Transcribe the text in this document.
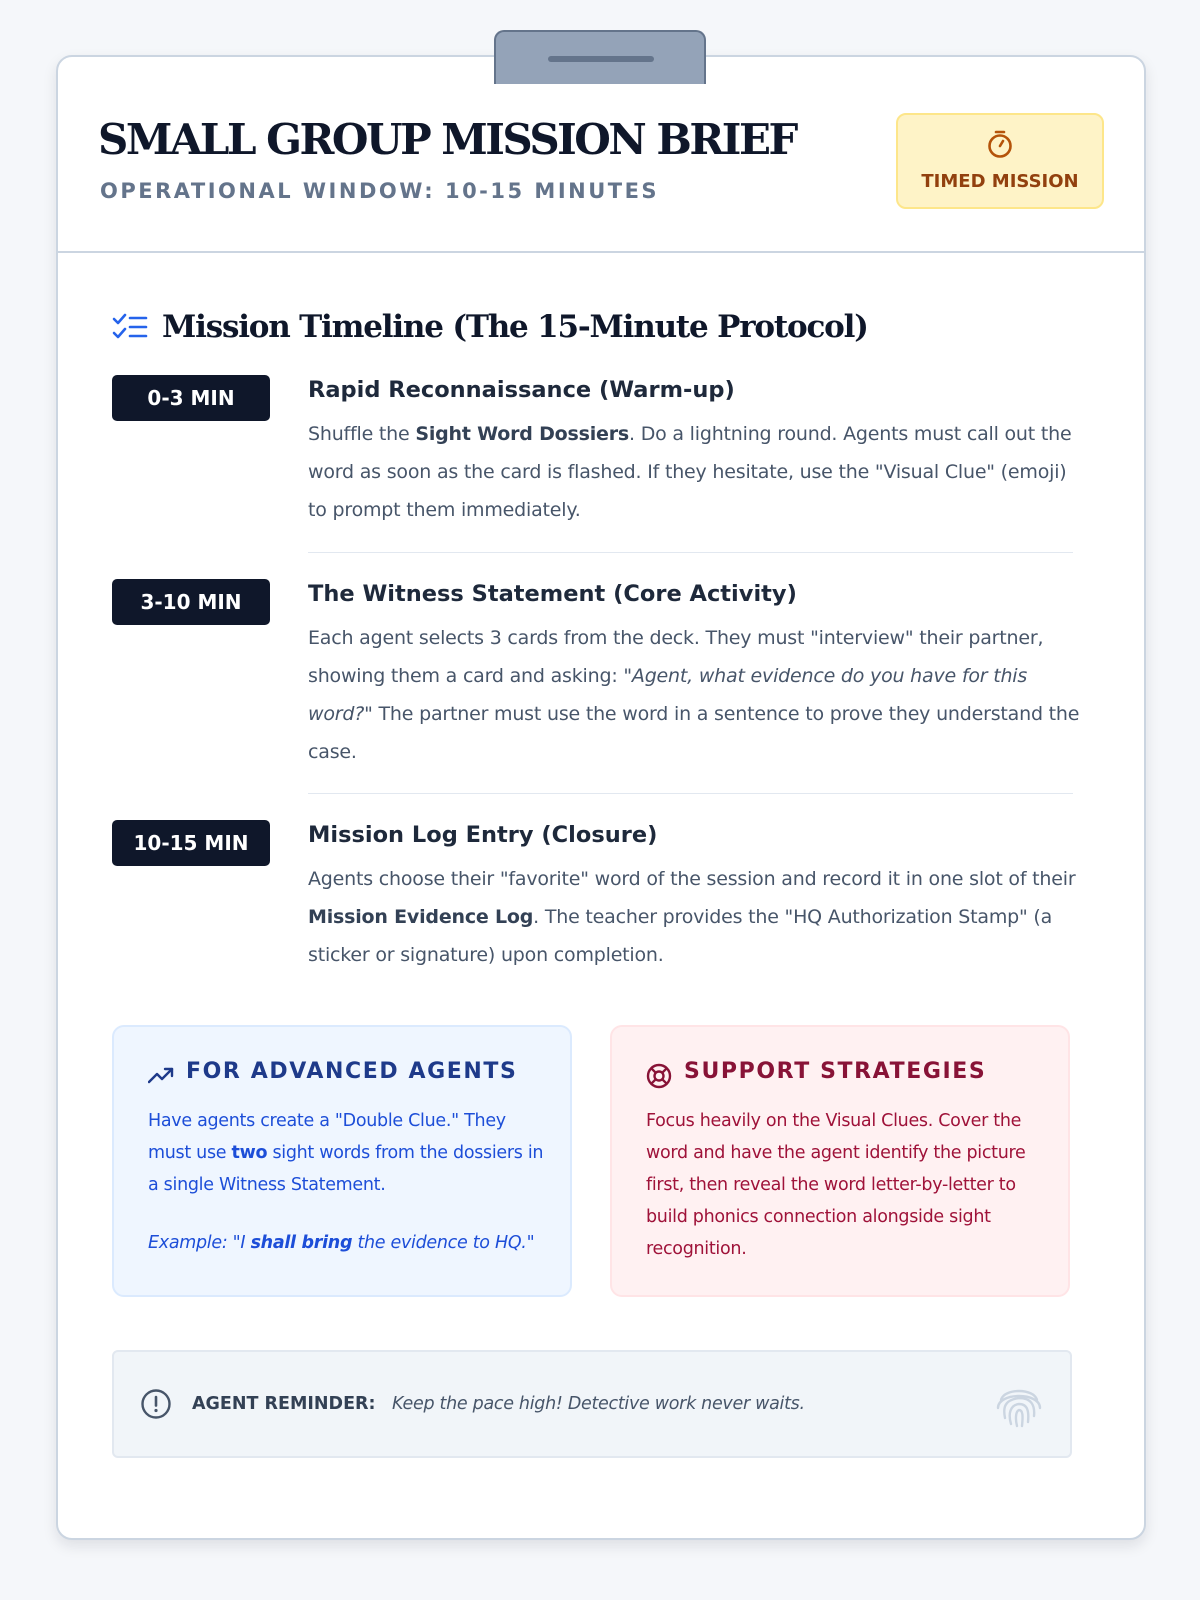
SMALL GROUP MISSION BRIEF
OPERATIONAL WINDOW: 10-15 MINUTES	TIMED MISSION
Mission Timeline (The 15-Minute Protocol)
0-3 MIN	Rapid Reconnaissance (Warm-up)
Shuffle the Sight Word Dossiers. Do a lightning round. Agents must call out the word as soon as the card is flashed. If they hesitate, use the "Visual Clue" (emoji) to prompt them immediately.
3-10 MIN	The Witness Statement (Core Activity)
Each agent selects 3 cards from the deck. They must "interview" their partner, showing them a card and asking: "Agent, what evidence do you have for this word?" The partner must use the word in a sentence to prove they understand the case.
10-15 MIN	Mission Log Entry (Closure)
Agents choose their "favorite" word of the session and record it in one slot of their Mission Evidence Log. The teacher provides the "HQ Authorization Stamp" (a sticker or signature) upon completion.
FOR ADVANCED AGENTS
Have agents create a "Double Clue." They must use two sight words from the dossiers in a single Witness Statement.
Example: "I shall bring the evidence to HQ."
SUPPORT STRATEGIES
Focus heavily on the Visual Clues. Cover the word and have the agent identify the picture first, then reveal the word letter-by-letter to build phonics connection alongside sight recognition.
AGENT REMINDER: Keep the pace high! Detective work never waits.
